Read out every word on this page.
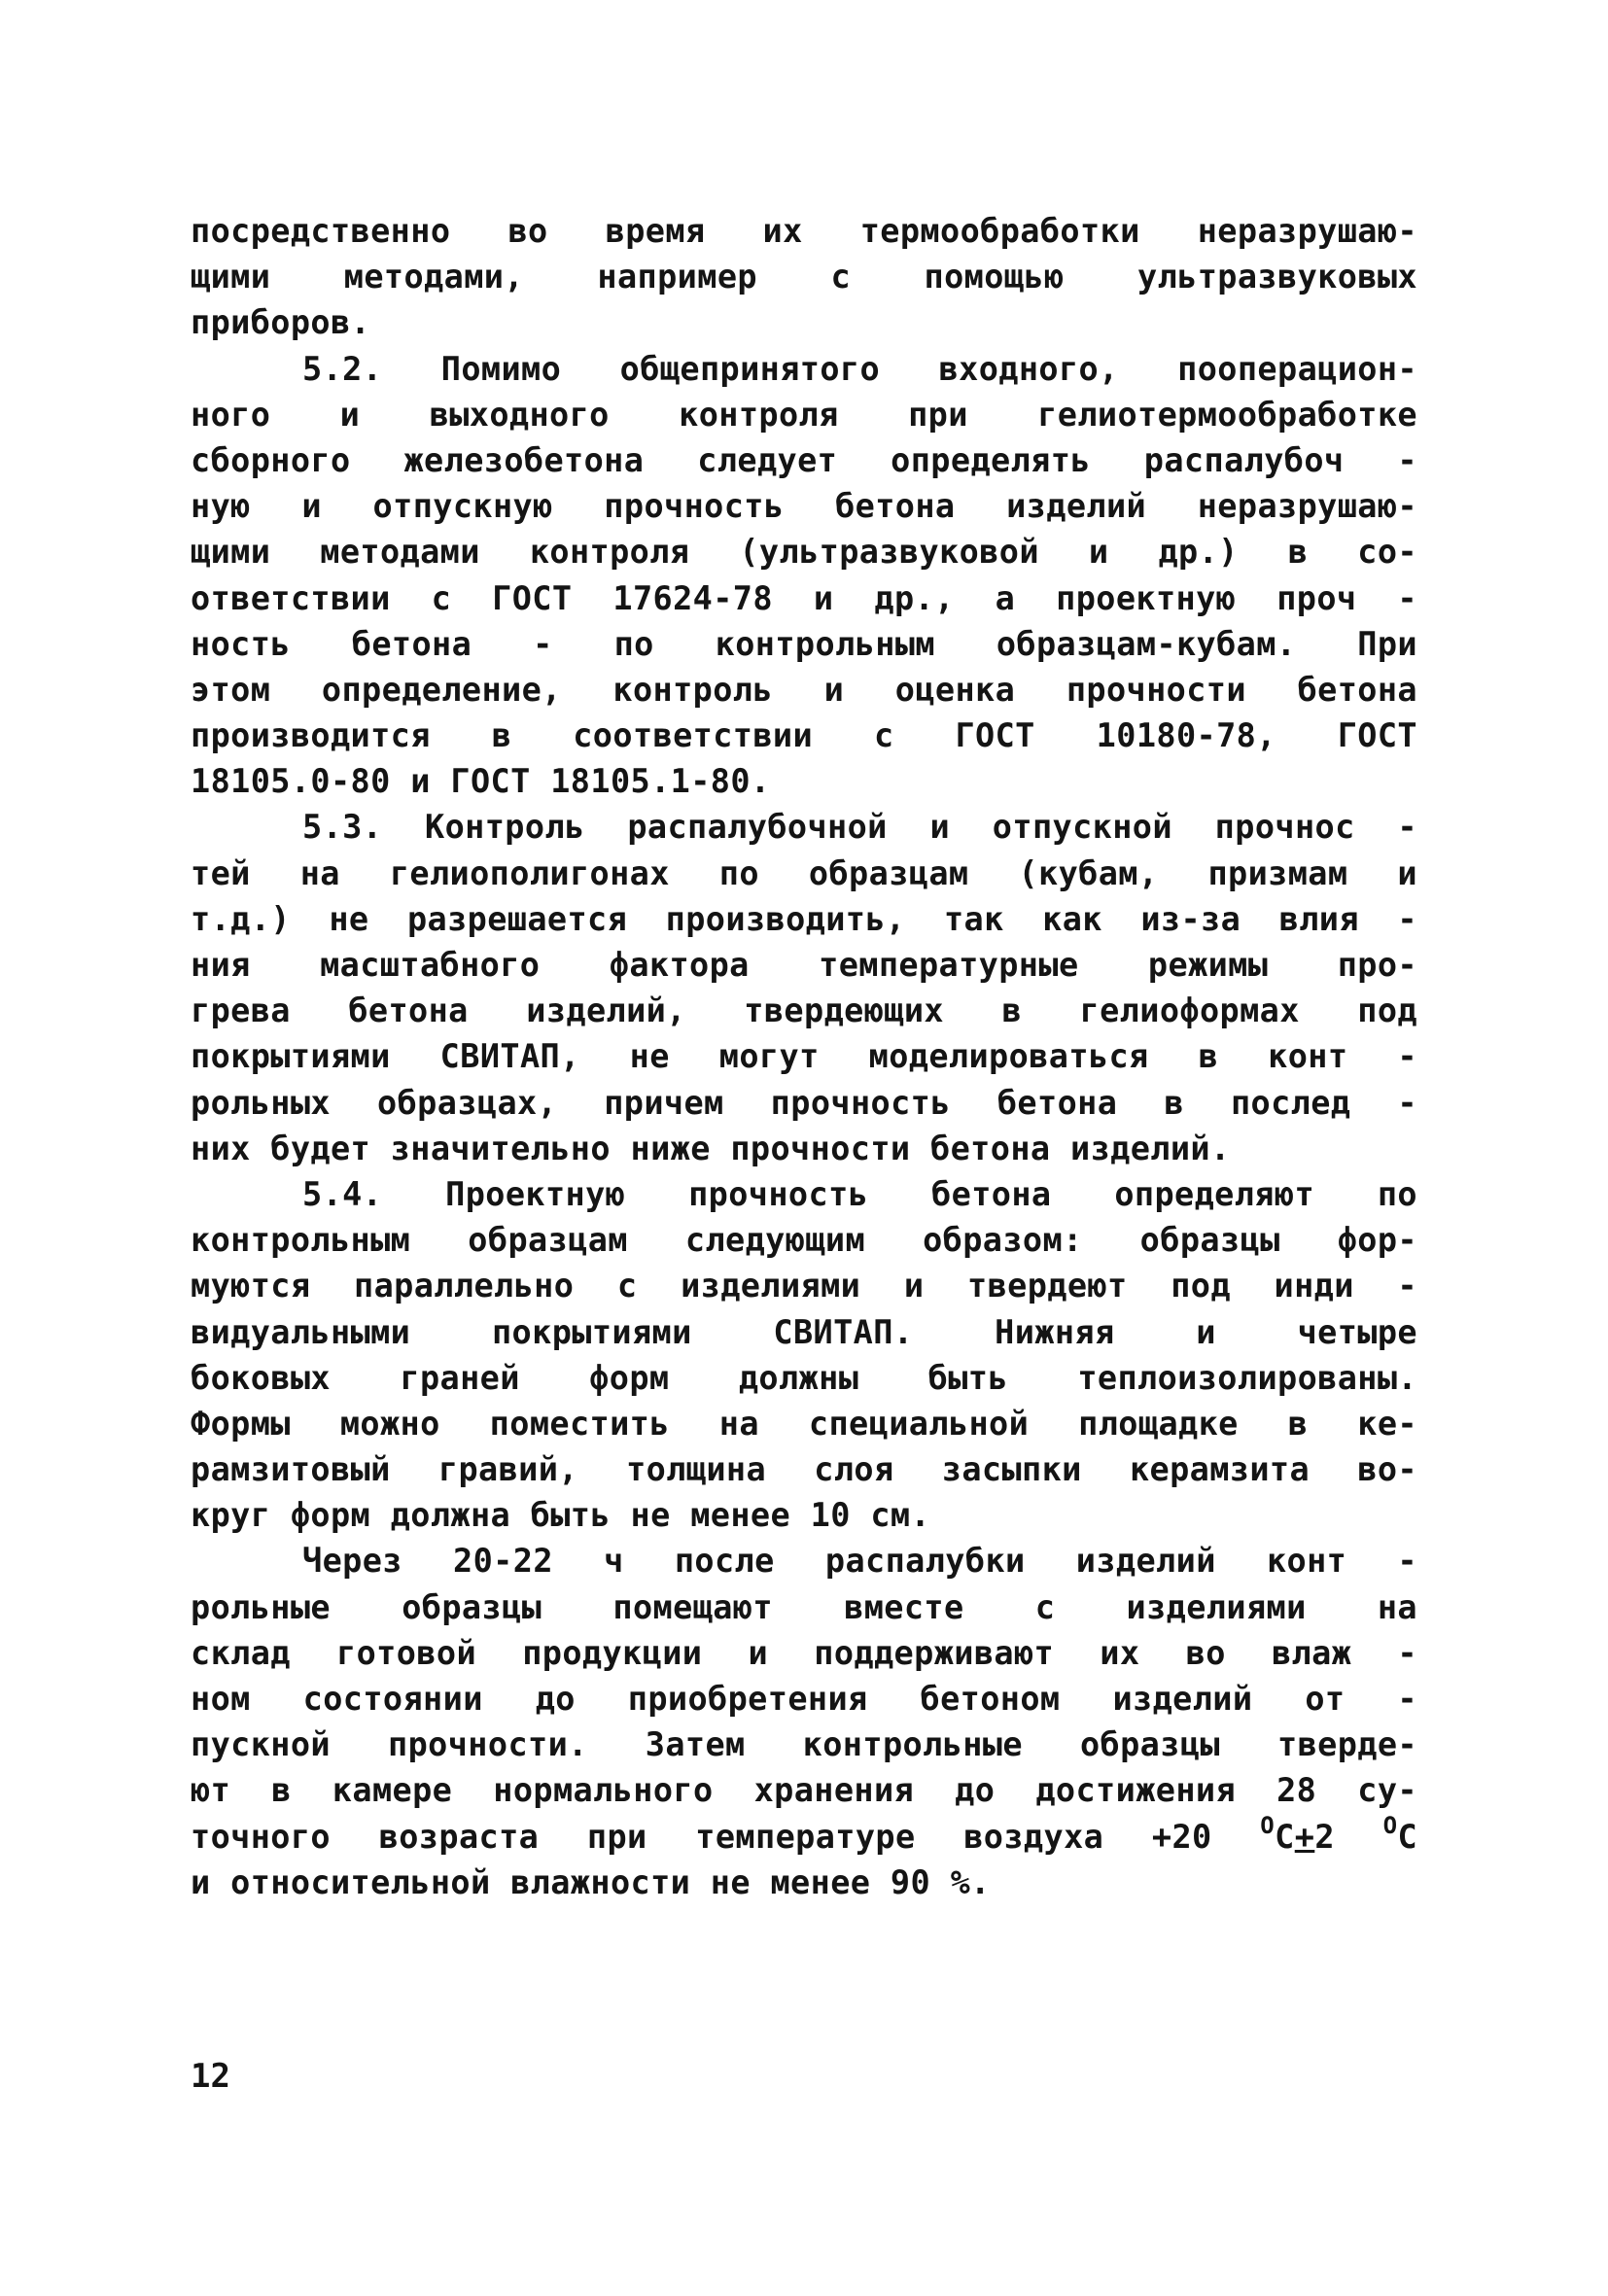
посредственно во время их термообработки неразрушаю-
щими методами, например с помощью ультразвуковых
приборов.
5.2. Помимо общепринятого входного, пооперацион-
ного и выходного контроля при гелиотермообработке
сборного железобетона следует определять распалубоч -
ную и отпускную прочность бетона изделий неразрушаю-
щими методами контроля (ультразвуковой и др.) в со-
ответствии с ГОСТ 17624-78 и др., а проектную проч -
ность бетона - по контрольным образцам-кубам. При
этом определение, контроль и оценка прочности бетона
производится в соответствии с ГОСТ 10180-78, ГОСТ
18105.0-80 и ГОСТ 18105.1-80.
5.3. Контроль распалубочной и отпускной прочнос -
тей на гелиополигонах по образцам (кубам, призмам и
т.д.) не разрешается производить, так как из-за влия -
ния масштабного фактора температурные режимы про-
грева бетона изделий, твердеющих в гелиоформах под
покрытиями СВИТАП, не могут моделироваться в конт -
рольных образцах, причем прочность бетона в послед -
них будет значительно ниже прочности бетона изделий.
5.4. Проектную прочность бетона определяют по
контрольным образцам следующим образом: образцы фор-
муются параллельно с изделиями и твердеют под инди -
видуальными покрытиями СВИТАП. Нижняя и четыре
боковых граней форм должны быть теплоизолированы.
Формы можно поместить на специальной площадке в ке-
рамзитовый гравий, толщина слоя засыпки керамзита во-
круг форм должна быть не менее 10 см.
Через 20-22 ч после распалубки изделий конт -
рольные образцы помещают вместе с изделиями на
склад готовой продукции и поддерживают их во влаж -
ном состоянии до приобретения бетоном изделий от -
пускной прочности. Затем контрольные образцы тверде-
ют в камере нормального хранения до достижения 28 су-
точного возраста при температуре воздуха +20 $^O$C+2 $^O$C
и относительной влажности не менее 90 %.
12
